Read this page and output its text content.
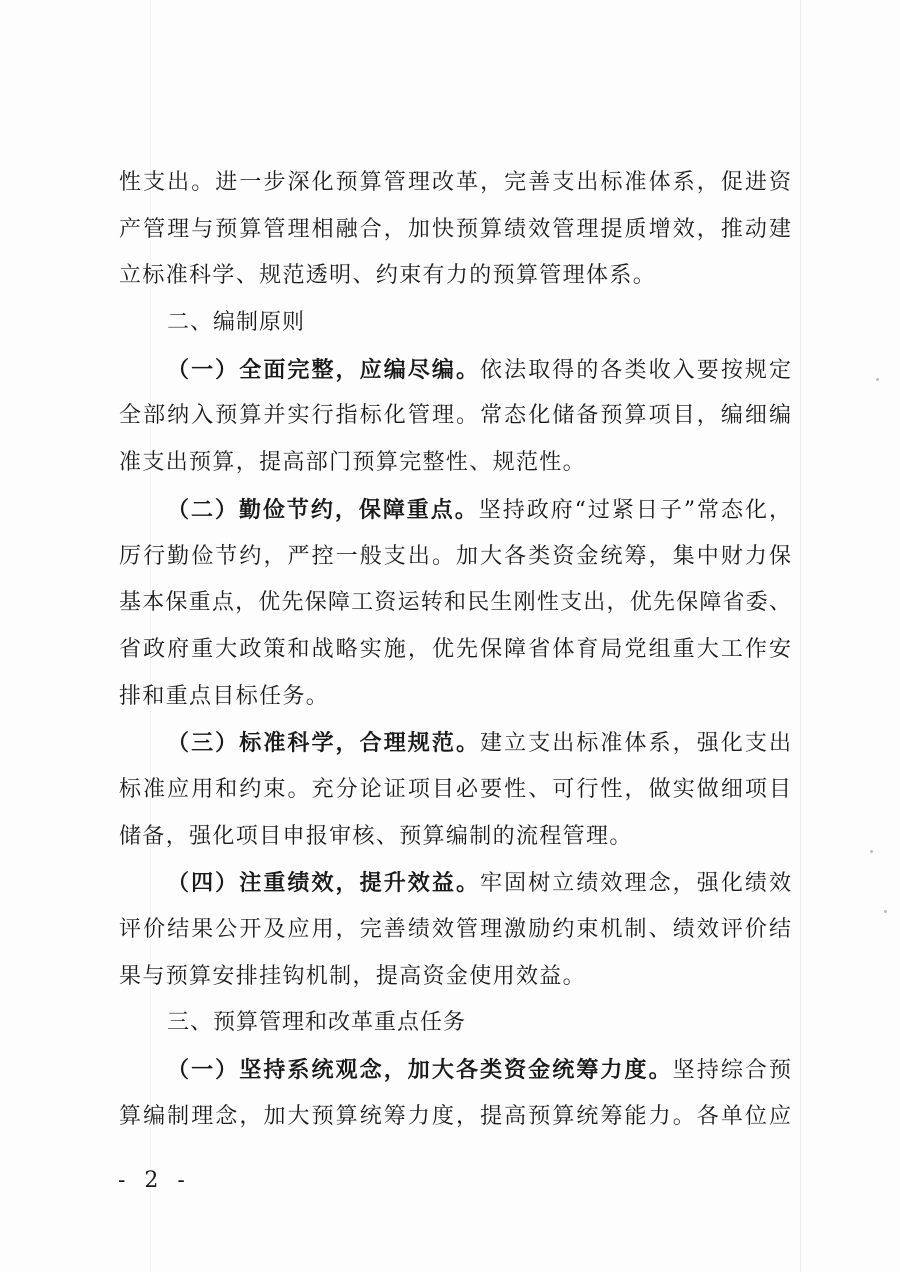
性支出。进一步深化预算管理改革，完善支出标准体系，促进资
产管理与预算管理相融合，加快预算绩效管理提质增效，推动建
立标准科学、规范透明、约束有力的预算管理体系。
二、编制原则
（一）全面完整，应编尽编。依法取得的各类收入要按规定
全部纳入预算并实行指标化管理。常态化储备预算项目，编细编
准支出预算，提高部门预算完整性、规范性。
（二）勤俭节约，保障重点。坚持政府“过紧日子”常态化，
厉行勤俭节约，严控一般支出。加大各类资金统筹，集中财力保
基本保重点，优先保障工资运转和民生刚性支出，优先保障省委、
省政府重大政策和战略实施，优先保障省体育局党组重大工作安
排和重点目标任务。
（三）标准科学，合理规范。建立支出标准体系，强化支出
标准应用和约束。充分论证项目必要性、可行性，做实做细项目
储备，强化项目申报审核、预算编制的流程管理。
（四）注重绩效，提升效益。牢固树立绩效理念，强化绩效
评价结果公开及应用，完善绩效管理激励约束机制、绩效评价结
果与预算安排挂钩机制，提高资金使用效益。
三、预算管理和改革重点任务
（一）坚持系统观念，加大各类资金统筹力度。坚持综合预
算编制理念，加大预算统筹力度，提高预算统筹能力。各单位应
- 2 -
